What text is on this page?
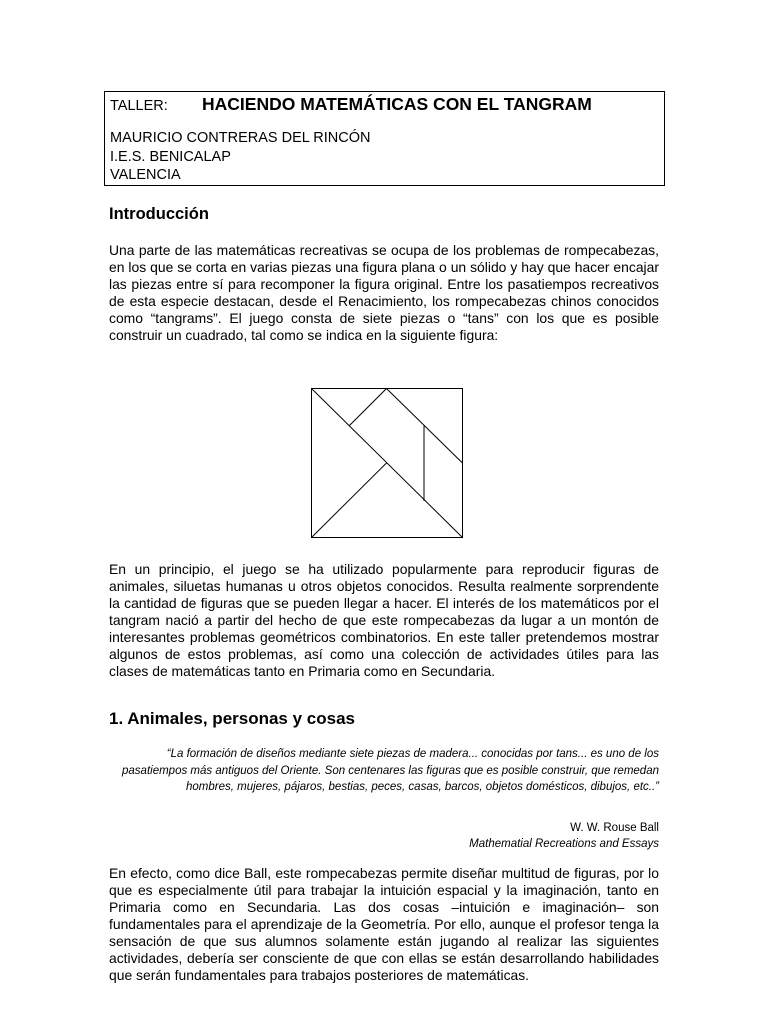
TALLER:	HACIENDO MATEMÁTICAS CON EL TANGRAM
MAURICIO CONTRERAS DEL RINCÓN
I.E.S. BENICALAP
VALENCIA
Introducción

Una parte de las matemáticas recreativas se ocupa de los problemas de rompecabezas, en los que se corta en varias piezas una figura plana o un sólido y hay que hacer encajar las piezas entre sí para recomponer la figura original. Entre los pasatiempos recreativos de esta especie destacan, desde el Renacimiento, los rompecabezas chinos conocidos como “tangrams”. El juego consta de siete piezas o “tans” con los que es posible construir un cuadrado, tal como se indica en la siguiente figura:

En un principio, el juego se ha utilizado popularmente para reproducir figuras de animales, siluetas humanas u otros objetos conocidos. Resulta realmente sorprendente la cantidad de figuras que se pueden llegar a hacer. El interés de los matemáticos por el tangram nació a partir del hecho de que este rompecabezas da lugar a un montón de interesantes problemas geométricos combinatorios. En este taller pretendemos mostrar algunos de estos problemas, así como una colección de actividades útiles para las clases de matemáticas tanto en Primaria como en Secundaria.

1. Animales, personas y cosas

“La formación de diseños mediante siete piezas de madera... conocidas por tans... es uno de los pasatiempos más antiguos del Oriente. Son centenares las figuras que es posible construir, que remedan hombres, mujeres, pájaros, bestias, peces, casas, barcos, objetos domésticos, dibujos, etc..”

W. W. Rouse Ball
Mathematial Recreations and Essays

En efecto, como dice Ball, este rompecabezas permite diseñar multitud de figuras, por lo que es especialmente útil para trabajar la intuición espacial y la imaginación, tanto en Primaria como en Secundaria. Las dos cosas –intuición e imaginación– son fundamentales para el aprendizaje de la Geometría. Por ello, aunque el profesor tenga la sensación de que sus alumnos solamente están jugando al realizar las siguientes actividades, debería ser consciente de que con ellas se están desarrollando habilidades que serán fundamentales para trabajos posteriores de matemáticas.
